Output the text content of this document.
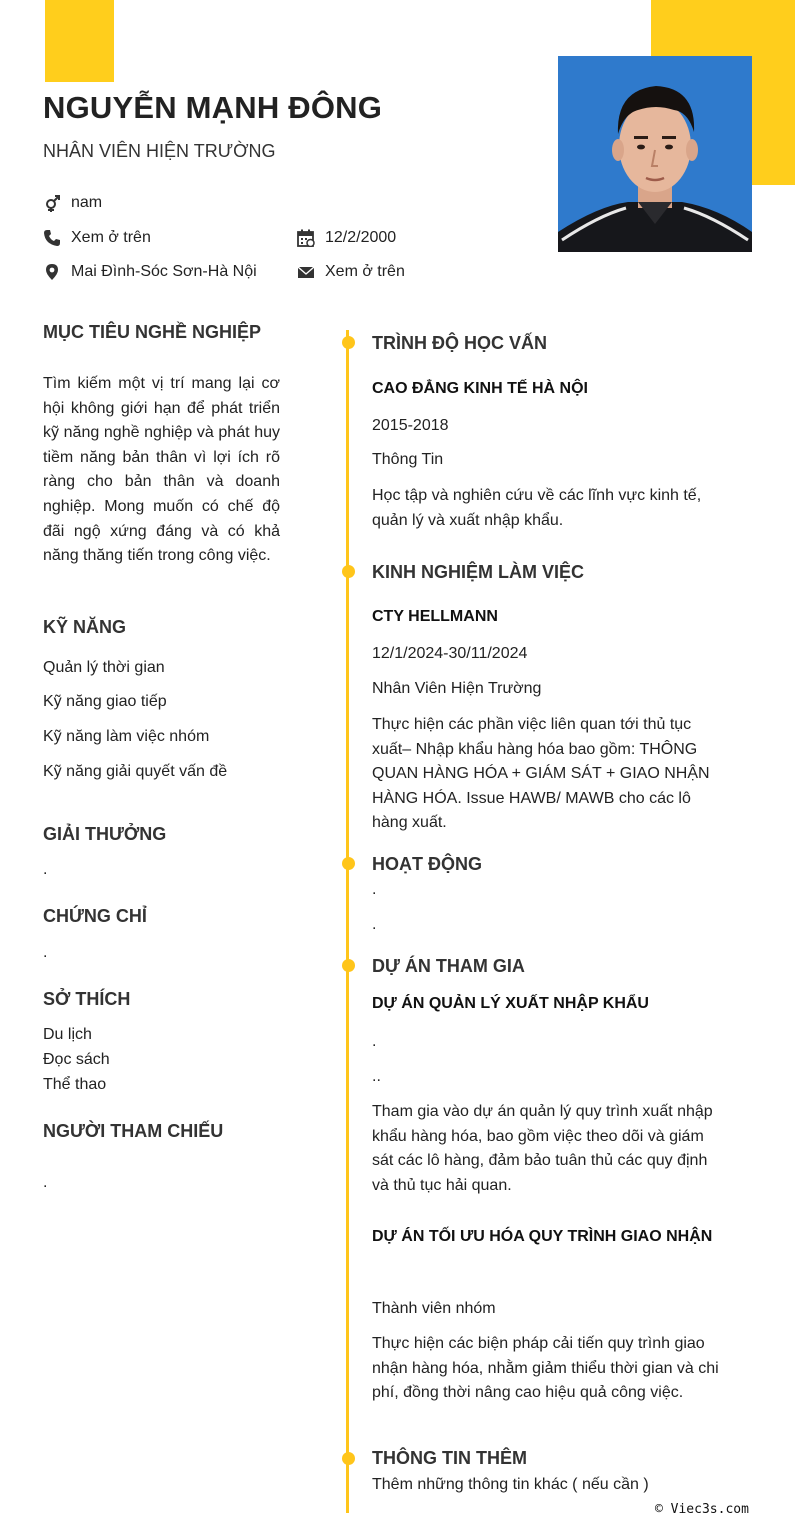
NGUYỄN MẠNH ĐÔNG
NHÂN VIÊN HIỆN TRƯỜNG
nam
Xem ở trên	12/2/2000
Mai Đình-Sóc Sơn-Hà Nội	Xem ở trên
MỤC TIÊU NGHỀ NGHIỆP
Tìm kiếm một vị trí mang lại cơ hội không giới hạn để phát triển kỹ năng nghề nghiệp và phát huy tiềm năng bản thân vì lợi ích rõ ràng cho bản thân và doanh nghiệp. Mong muốn có chế độ đãi ngộ xứng đáng và có khả năng thăng tiến trong công việc.
KỸ NĂNG
Quản lý thời gian
Kỹ năng giao tiếp
Kỹ năng làm việc nhóm
Kỹ năng giải quyết vấn đề
GIẢI THƯỞNG
.
CHỨNG CHỈ
.
SỞ THÍCH
Du lịch
Đọc sách
Thể thao
NGƯỜI THAM CHIẾU
.
TRÌNH ĐỘ HỌC VẤN
CAO ĐẲNG KINH TẾ HÀ NỘI
2015-2018
Thông Tin
Học tập và nghiên cứu về các lĩnh vực kinh tế, quản lý và xuất nhập khẩu.
KINH NGHIỆM LÀM VIỆC
CTY HELLMANN
12/1/2024-30/11/2024
Nhân Viên Hiện Trường
Thực hiện các phần việc liên quan tới thủ tục xuất– Nhập khẩu hàng hóa bao gồm: THÔNG QUAN HÀNG HÓA + GIÁM SÁT + GIAO NHẬN HÀNG HÓA. Issue HAWB/ MAWB cho các lô hàng xuất.
HOẠT ĐỘNG
.
.
DỰ ÁN THAM GIA
DỰ ÁN QUẢN LÝ XUẤT NHẬP KHẨU
.
..
Tham gia vào dự án quản lý quy trình xuất nhập khẩu hàng hóa, bao gồm việc theo dõi và giám sát các lô hàng, đảm bảo tuân thủ các quy định và thủ tục hải quan.
DỰ ÁN TỐI ƯU HÓA QUY TRÌNH GIAO NHẬN
Thành viên nhóm
Thực hiện các biện pháp cải tiến quy trình giao nhận hàng hóa, nhằm giảm thiểu thời gian và chi phí, đồng thời nâng cao hiệu quả công việc.
THÔNG TIN THÊM
Thêm những thông tin khác ( nếu cần )
© Viec3s.com
